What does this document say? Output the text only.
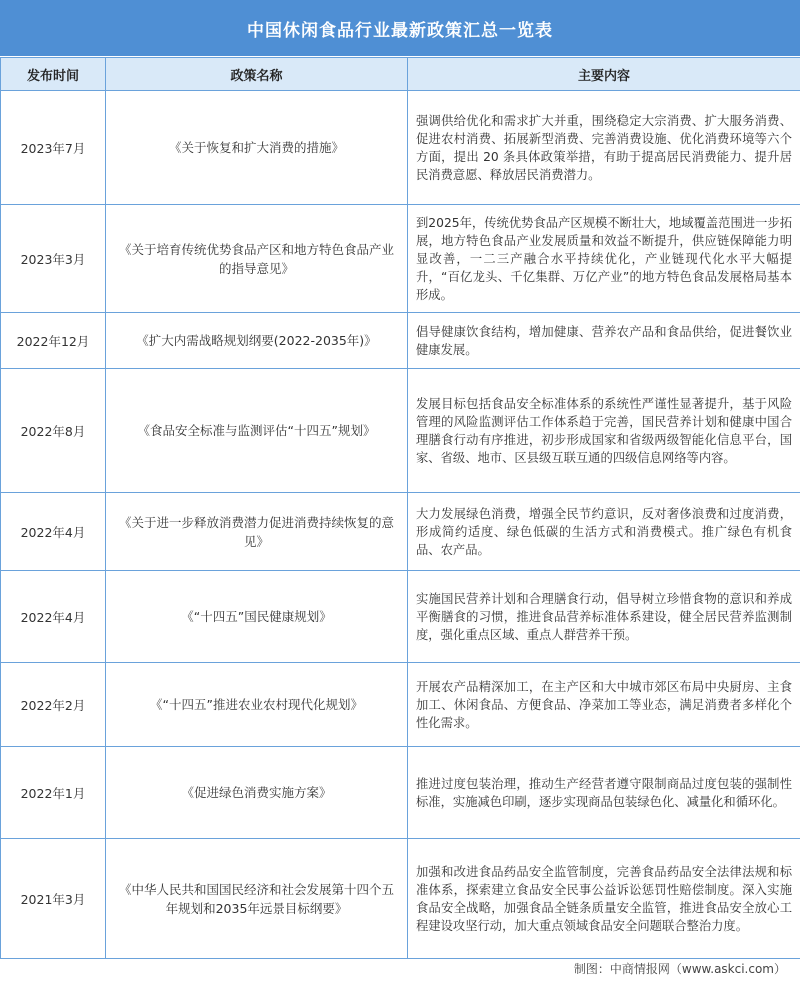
中国休闲食品行业最新政策汇总一览表
发布时间	政策名称	主要内容
2023年7月	《关于恢复和扩大消费的措施》	强调供给优化和需求扩大并重，围绕稳定大宗消费、扩大服务消费、促进农村消费、拓展新型消费、完善消费设施、优化消费环境等六个方面，提出 20 条具体政策举措，有助于提高居民消费能力、提升居民消费意愿、释放居民消费潜力。
2023年3月	《关于培育传统优势食品产区和地方特色食品产业的指导意见》	到2025年，传统优势食品产区规模不断壮大，地域覆盖范围进一步拓展，地方特色食品产业发展质量和效益不断提升，供应链保障能力明显改善，一二三产融合水平持续优化，产业链现代化水平大幅提升，“百亿龙头、千亿集群、万亿产业”的地方特色食品发展格局基本形成。
2022年12月	《扩大内需战略规划纲要(2022-2035年)》	倡导健康饮食结构，增加健康、营养农产品和食品供给，促进餐饮业健康发展。
2022年8月	《食品安全标准与监测评估“十四五”规划》	发展目标包括食品安全标准体系的系统性严谨性显著提升，基于风险管理的风险监测评估工作体系趋于完善，国民营养计划和健康中国合理膳食行动有序推进，初步形成国家和省级两级智能化信息平台，国家、省级、地市、区县级互联互通的四级信息网络等内容。
2022年4月	《关于进一步释放消费潜力促进消费持续恢复的意见》	大力发展绿色消费，增强全民节约意识，反对奢侈浪费和过度消费，形成简约适度、绿色低碳的生活方式和消费模式。推广绿色有机食品、农产品。
2022年4月	《“十四五”国民健康规划》	实施国民营养计划和合理膳食行动，倡导树立珍惜食物的意识和养成平衡膳食的习惯，推进食品营养标准体系建设，健全居民营养监测制度，强化重点区域、重点人群营养干预。
2022年2月	《“十四五”推进农业农村现代化规划》	开展农产品精深加工，在主产区和大中城市郊区布局中央厨房、主食加工、休闲食品、方便食品、净菜加工等业态，满足消费者多样化个性化需求。
2022年1月	《促进绿色消费实施方案》	推进过度包装治理，推动生产经营者遵守限制商品过度包装的强制性标准，实施减色印刷，逐步实现商品包装绿色化、减量化和循环化。
2021年3月	《中华人民共和国国民经济和社会发展第十四个五年规划和2035年远景目标纲要》	加强和改进食品药品安全监管制度，完善食品药品安全法律法规和标准体系，探索建立食品安全民事公益诉讼惩罚性赔偿制度。深入实施食品安全战略，加强食品全链条质量安全监管，推进食品安全放心工程建设攻坚行动，加大重点领域食品安全问题联合整治力度。
制图：中商情报网（www.askci.com）
